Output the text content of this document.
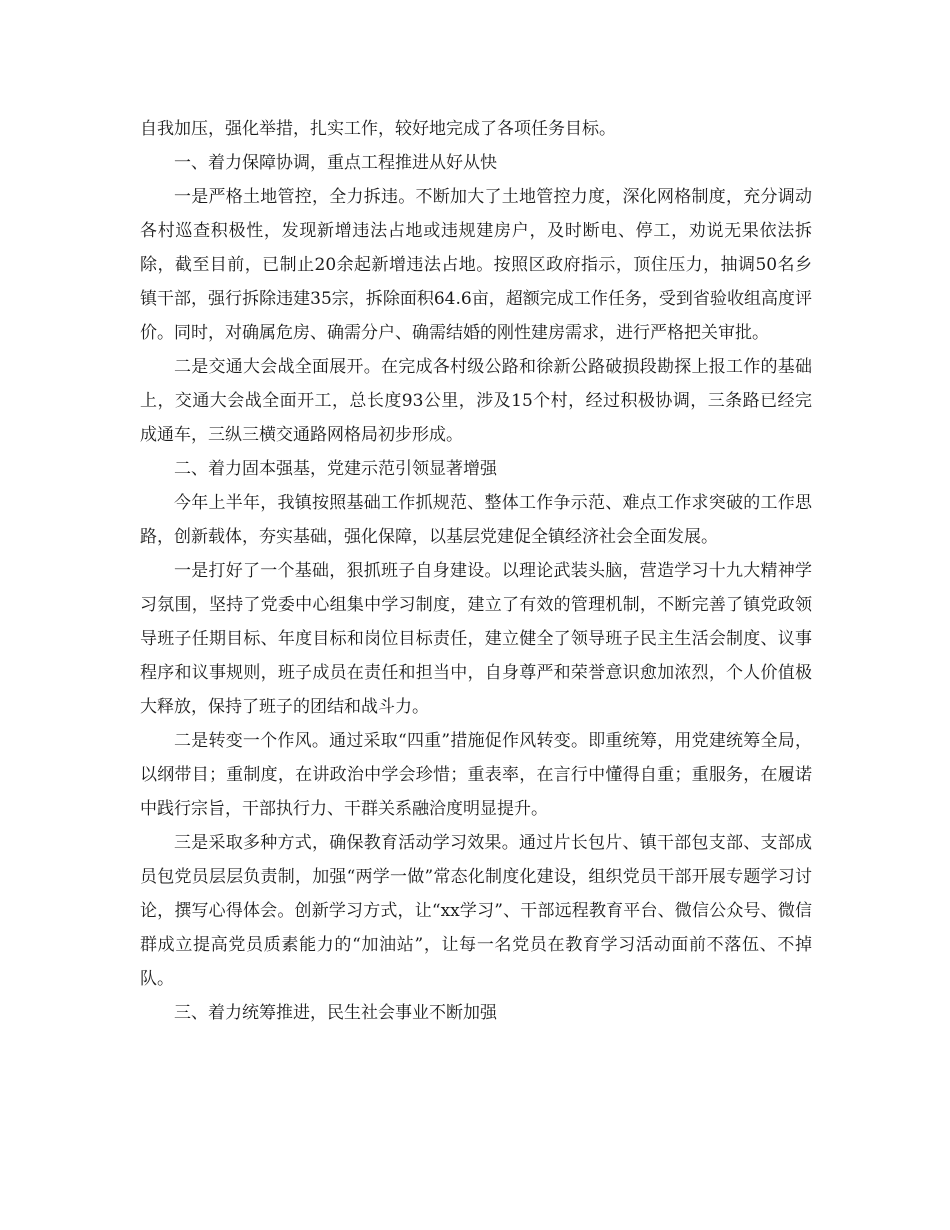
自我加压，强化举措，扎实工作，较好地完成了各项任务目标。

一、着力保障协调，重点工程推进从好从快

一是严格土地管控，全力拆违。不断加大了土地管控力度，深化网格制度，充分调动各村巡查积极性，发现新增违法占地或违规建房户，及时断电、停工，劝说无果依法拆除，截至目前，已制止20余起新增违法占地。按照区政府指示，顶住压力，抽调50名乡镇干部，强行拆除违建35宗，拆除面积64.6亩，超额完成工作任务，受到省验收组高度评价。同时，对确属危房、确需分户、确需结婚的刚性建房需求，进行严格把关审批。

二是交通大会战全面展开。在完成各村级公路和徐新公路破损段勘探上报工作的基础上，交通大会战全面开工，总长度93公里，涉及15个村，经过积极协调，三条路已经完成通车，三纵三横交通路网格局初步形成。

二、着力固本强基，党建示范引领显著增强

今年上半年，我镇按照基础工作抓规范、整体工作争示范、难点工作求突破的工作思路，创新载体，夯实基础，强化保障，以基层党建促全镇经济社会全面发展。

一是打好了一个基础，狠抓班子自身建设。以理论武装头脑，营造学习十九大精神学习氛围，坚持了党委中心组集中学习制度，建立了有效的管理机制，不断完善了镇党政领导班子任期目标、年度目标和岗位目标责任，建立健全了领导班子民主生活会制度、议事程序和议事规则，班子成员在责任和担当中，自身尊严和荣誉意识愈加浓烈，个人价值极大释放，保持了班子的团结和战斗力。

二是转变一个作风。通过采取“四重”措施促作风转变。即重统筹，用党建统筹全局，以纲带目；重制度，在讲政治中学会珍惜；重表率，在言行中懂得自重；重服务，在履诺中践行宗旨，干部执行力、干群关系融洽度明显提升。

三是采取多种方式，确保教育活动学习效果。通过片长包片、镇干部包支部、支部成员包党员层层负责制，加强“两学一做”常态化制度化建设，组织党员干部开展专题学习讨论，撰写心得体会。创新学习方式，让“xx学习”、干部远程教育平台、微信公众号、微信群成立提高党员质素能力的“加油站”，让每一名党员在教育学习活动面前不落伍、不掉队。

三、着力统筹推进，民生社会事业不断加强
